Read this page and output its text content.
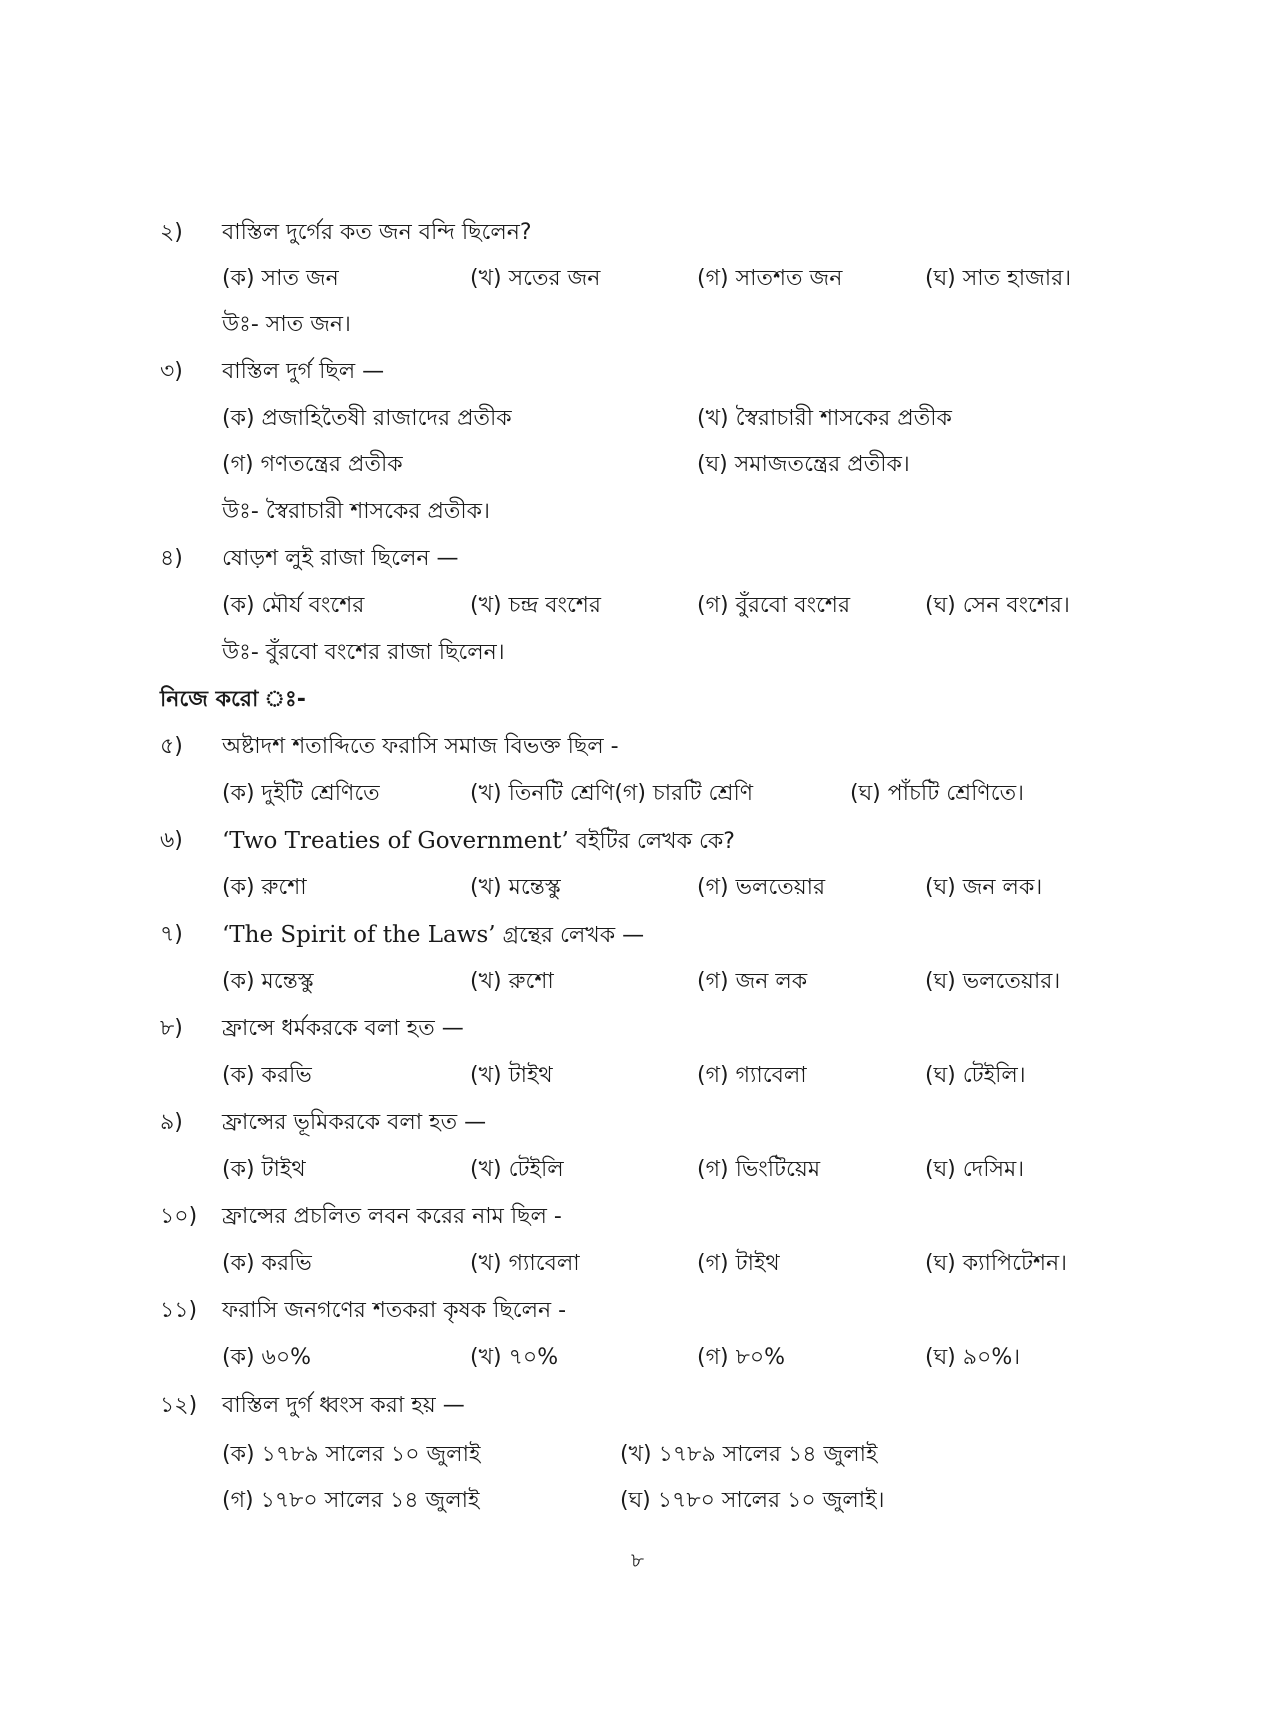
২)	বাস্তিল দুর্গের কত জন বন্দি ছিলেন?
(ক) সাত জন	(খ) সতের জন	(গ) সাতশত জন	(ঘ) সাত হাজার।
উঃ- সাত জন।
৩)	বাস্তিল দুর্গ ছিল —
(ক) প্রজাহিতৈষী রাজাদের প্রতীক	(খ) স্বৈরাচারী শাসকের প্রতীক
(গ) গণতন্ত্রের প্রতীক	(ঘ) সমাজতন্ত্রের প্রতীক।
উঃ- স্বৈরাচারী শাসকের প্রতীক।
৪)	ষোড়শ লুই রাজা ছিলেন —
(ক) মৌর্য বংশের	(খ) চন্দ্র বংশের	(গ) বুঁরবো বংশের	(ঘ) সেন বংশের।
উঃ- বুঁরবো বংশের রাজা ছিলেন।
নিজে করো ঃ-
৫)	অষ্টাদশ শতাব্দিতে ফরাসি সমাজ বিভক্ত ছিল -
(ক) দুইটি শ্রেণিতে	(খ) তিনটি শ্রেণি(গ) চারটি শ্রেণি	(ঘ) পাঁচটি শ্রেণিতে।
৬)	‘Two Treaties of Government’ বইটির লেখক কে?
(ক) রুশো	(খ) মন্তেস্কু	(গ) ভলতেয়ার	(ঘ) জন লক।
৭)	‘The Spirit of the Laws’ গ্রন্থের লেখক —
(ক) মন্তেস্কু	(খ) রুশো	(গ) জন লক	(ঘ) ভলতেয়ার।
৮)	ফ্রান্সে ধর্মকরকে বলা হত —
(ক) করভি	(খ) টাইথ	(গ) গ্যাবেলা	(ঘ) টেইলি।
৯)	ফ্রান্সের ভূমিকরকে বলা হত —
(ক) টাইথ	(খ) টেইলি	(গ) ভিংটিয়েম	(ঘ) দেসিম।
১০)	ফ্রান্সের প্রচলিত লবন করের নাম ছিল -
(ক) করভি	(খ) গ্যাবেলা	(গ) টাইথ	(ঘ) ক্যাপিটেশন।
১১)	ফরাসি জনগণের শতকরা কৃষক ছিলেন -
(ক) ৬০%	(খ) ৭০%	(গ) ৮০%	(ঘ) ৯০%।
১২)	বাস্তিল দুর্গ ধ্বংস করা হয় —
(ক) ১৭৮৯ সালের ১০ জুলাই	(খ) ১৭৮৯ সালের ১৪ জুলাই
(গ) ১৭৮০ সালের ১৪ জুলাই	(ঘ) ১৭৮০ সালের ১০ জুলাই।
৮
